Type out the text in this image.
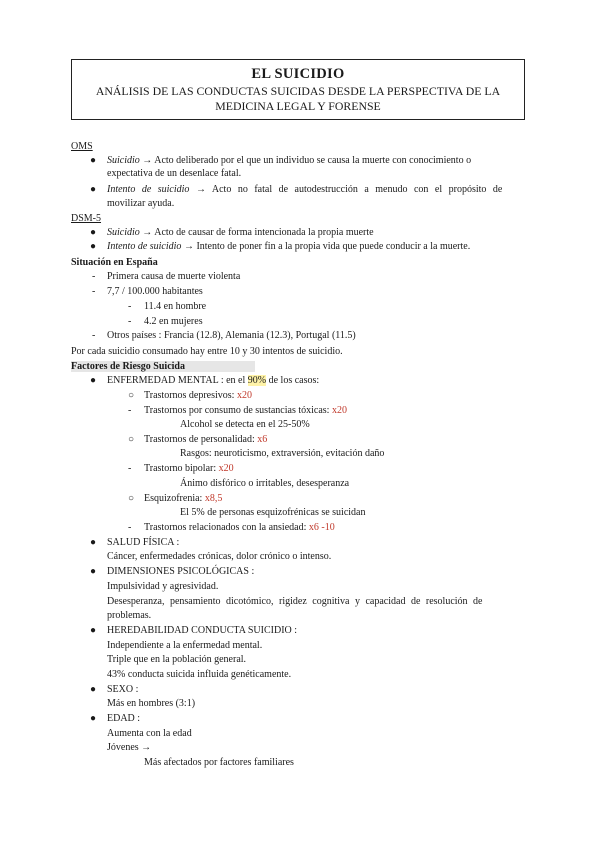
EL SUICIDIO
ANÁLISIS DE LAS CONDUCTAS SUICIDAS DESDE LA PERSPECTIVA DE LA
MEDICINA LEGAL Y FORENSE
OMS
● Suicidio → Acto deliberado por el que un individuo se causa la muerte con conocimiento o
expectativa de un desenlace fatal.
● Intento de suicidio → Acto no fatal de autodestrucción a menudo con el propósito de
movilizar ayuda.
DSM-5
● Suicidio → Acto de causar de forma intencionada la propia muerte
● Intento de suicidio → Intento de poner fin a la propia vida que puede conducir a la muerte.
Situación en España
- Primera causa de muerte violenta
- 7,7 / 100.000 habitantes
- 11.4 en hombre
- 4.2 en mujeres
- Otros países : Francia (12.8), Alemania (12.3), Portugal (11.5)
Por cada suicidio consumado hay entre 10 y 30 intentos de suicidio.
Factores de Riesgo Suicida
● ENFERMEDAD MENTAL : en el 90% de los casos:
○ Trastornos depresivos: x20
- Trastornos por consumo de sustancias tóxicas: x20
Alcohol se detecta en el 25-50%
○ Trastornos de personalidad: x6
Rasgos: neuroticismo, extraversión, evitación daño
- Trastorno bipolar: x20
Ánimo disfórico o irritables, desesperanza
○ Esquizofrenia: x8,5
El 5% de personas esquizofrénicas se suicidan
- Trastornos relacionados con la ansiedad: x6 -10
● SALUD FÍSICA :
Cáncer, enfermedades crónicas, dolor crónico o intenso.
● DIMENSIONES PSICOLÓGICAS :
Impulsividad y agresividad.
Desesperanza, pensamiento dicotómico, rigidez cognitiva y capacidad de resolución de
problemas.
● HEREDABILIDAD CONDUCTA SUICIDIO :
Independiente a la enfermedad mental.
Triple que en la población general.
43% conducta suicida influida genéticamente.
● SEXO :
Más en hombres (3:1)
● EDAD :
Aumenta con la edad
Jóvenes →
Más afectados por factores familiares
